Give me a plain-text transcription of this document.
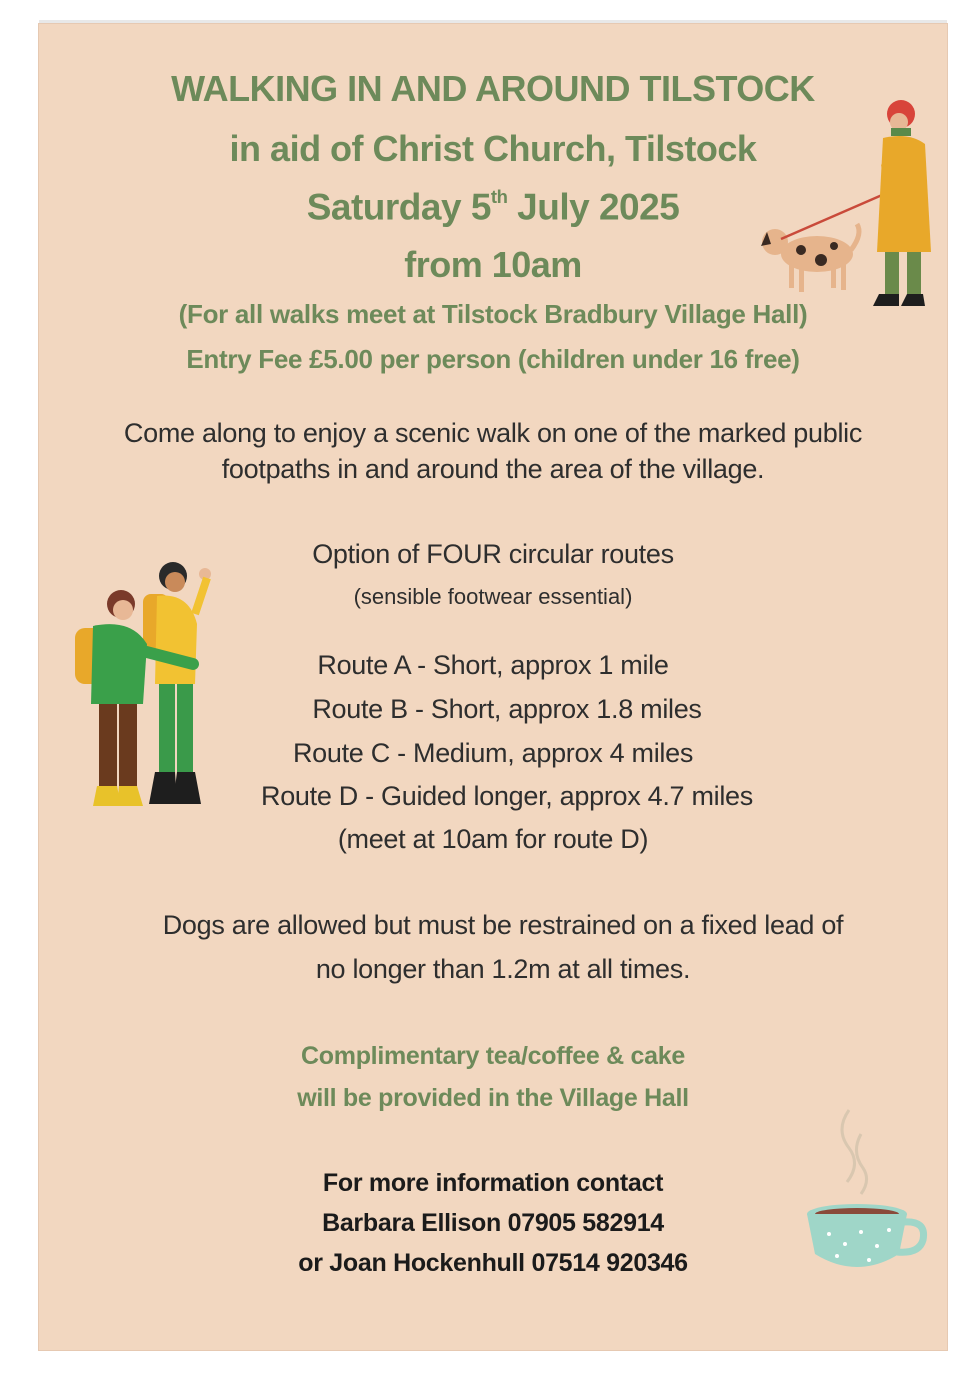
WALKING IN AND AROUND TILSTOCK
in aid of Christ Church, Tilstock
Saturday 5th July 2025
from 10am
(For all walks meet at Tilstock Bradbury Village Hall)
Entry Fee £5.00 per person (children under 16 free)
Come along to enjoy a scenic walk on one of the marked public
footpaths in and around the area of the village.
Option of FOUR circular routes
(sensible footwear essential)
Route A - Short, approx 1 mile
Route B - Short, approx 1.8 miles
Route C - Medium, approx 4 miles
Route D - Guided longer, approx 4.7 miles
(meet at 10am for route D)
Dogs are allowed but must be restrained on a fixed lead of
no longer than 1.2m at all times.
Complimentary tea/coffee & cake
will be provided in the Village Hall
For more information contact
Barbara Ellison 07905 582914
or Joan Hockenhull 07514 920346
